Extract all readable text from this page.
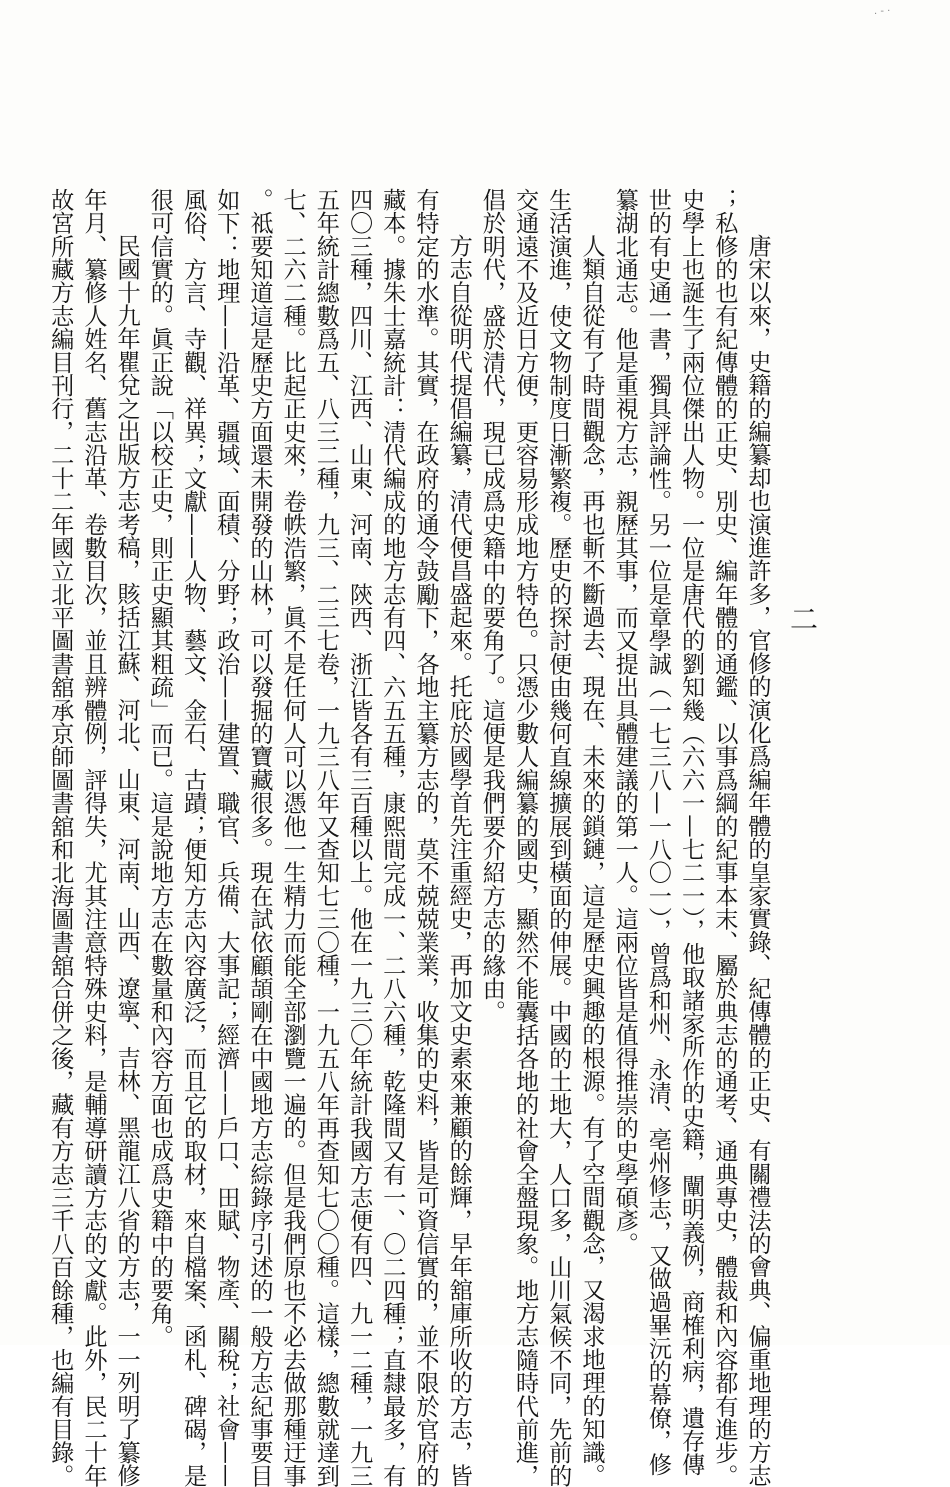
. - ·
二
唐宋以來，史籍的編纂却也演進許多，官修的演化爲編年體的皇家實錄、紀傳體的正史、有關禮法的會典、偏重地理的方志
；私修的也有紀傳體的正史、別史、編年體的通鑑、以事爲綱的紀事本末、屬於典志的通考、通典專史，體裁和內容都有進步。
史學上也誕生了兩位傑出人物。一位是唐代的劉知幾（六六一—七二一），他取諸家所作的史籍，闡明義例，商榷利病，遺存傳
世的有史通一書，獨具評論性。另一位是章學誠（一七三八—一八〇一），曾爲和州、永清、亳州修志，又做過畢沅的幕僚，修
纂湖北通志。他是重視方志，親歷其事，而又提出具體建議的第一人。這兩位皆是值得推崇的史學碩彥。
人類自從有了時間觀念，再也斬不斷過去、現在、未來的鎖鏈，這是歷史興趣的根源。有了空間觀念，又渴求地理的知識。
生活演進，使文物制度日漸繁複。歷史的探討便由幾何直線擴展到橫面的伸展。中國的土地大，人口多，山川氣候不同，先前的
交通遠不及近日方便，更容易形成地方特色。只憑少數人編纂的國史，顯然不能囊括各地的社會全盤現象。地方志隨時代前進，
倡於明代，盛於清代，現已成爲史籍中的要角了。這便是我們要介紹方志的緣由。
方志自從明代提倡編纂，清代便昌盛起來。托庇於國學首先注重經史，再加文史素來兼顧的餘輝，早年舘庫所收的方志，皆
有特定的水準。其實，在政府的通令鼓勵下，各地主纂方志的，莫不兢兢業業，收集的史料，皆是可資信實的，並不限於官府的
藏本。據朱士嘉統計：清代編成的地方志有四、六五五種，康熙間完成一、二八六種，乾隆間又有一、〇二四種；直隸最多，有
四〇三種，四川、江西、山東、河南、陝西、浙江皆各有三百種以上。他在一九三〇年統計我國方志便有四、九一二種，一九三
五年統計總數爲五、八三二種，九三、二三七卷，一九三八年又查知七三〇種，一九五八年再查知七〇〇種。這樣，總數就達到
七、二六二種。比起正史來，卷帙浩繁，眞不是任何人可以憑他一生精力而能全部瀏覽一遍的。但是我們原也不必去做那種迂事
。祗要知道這是歷史方面還未開發的山林，可以發掘的寶藏很多。現在試依顧頡剛在中國地方志綜錄序引述的一般方志紀事要目
如下：地理——沿革、疆域、面積、分野；政治——建置、職官、兵備、大事記；經濟——戶口、田賦、物產、關稅；社會——
風俗、方言、寺觀、祥異；文獻——人物、藝文、金石、古蹟；便知方志內容廣泛，而且它的取材，來自檔案、函札、碑碣，是
很可信實的。眞正說「以校正史，則正史顯其粗疏」而已。這是說地方志在數量和內容方面也成爲史籍中的要角。
民國十九年瞿兌之出版方志考稿，賅括江蘇、河北、山東、河南、山西、遼寧、吉林、黑龍江八省的方志，一一列明了纂修
年月、纂修人姓名、舊志沿革、卷數目次，並且辨體例，評得失，尤其注意特殊史料，是輔導研讀方志的文獻。此外，民二十年
故宮所藏方志編目刊行，二十二年國立北平圖書舘承京師圖書舘和北海圖書舘合併之後，藏有方志三千八百餘種，也編有目錄。
